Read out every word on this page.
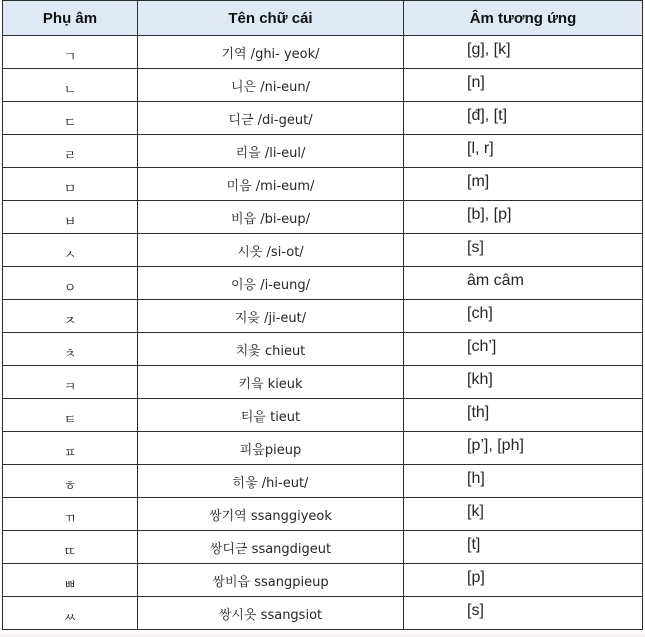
Phụ âm	Tên chữ cái	Âm tương ứng
ㄱ	기역 /ghi- yeok/	[g], [k]
ㄴ	니은 /ni-eun/	[n]
ㄷ	디귿 /di-geut/	[đ], [t]
ㄹ	리을 /li-eul/	[l, r]
ㅁ	미음 /mi-eum/	[m]
ㅂ	비읍 /bi-eup/	[b], [p]
ㅅ	시옷 /si-ot/	[s]
ㅇ	이응 /i-eung/	âm câm
ㅈ	지읒 /ji-eut/	[ch]
ㅊ	치읓 chieut	[ch’]
ㅋ	키읔 kieuk	[kh]
ㅌ	티읕 tieut	[th]
ㅍ	피읖pieup	[p’], [ph]
ㅎ	히읗 /hi-eut/	[h]
ㄲ	쌍기역 ssanggiyeok	[k]
ㄸ	쌍디귿 ssangdigeut	[t]
ㅃ	쌍비읍 ssangpieup	[p]
ㅆ	쌍시옷 ssangsiot	[s]
